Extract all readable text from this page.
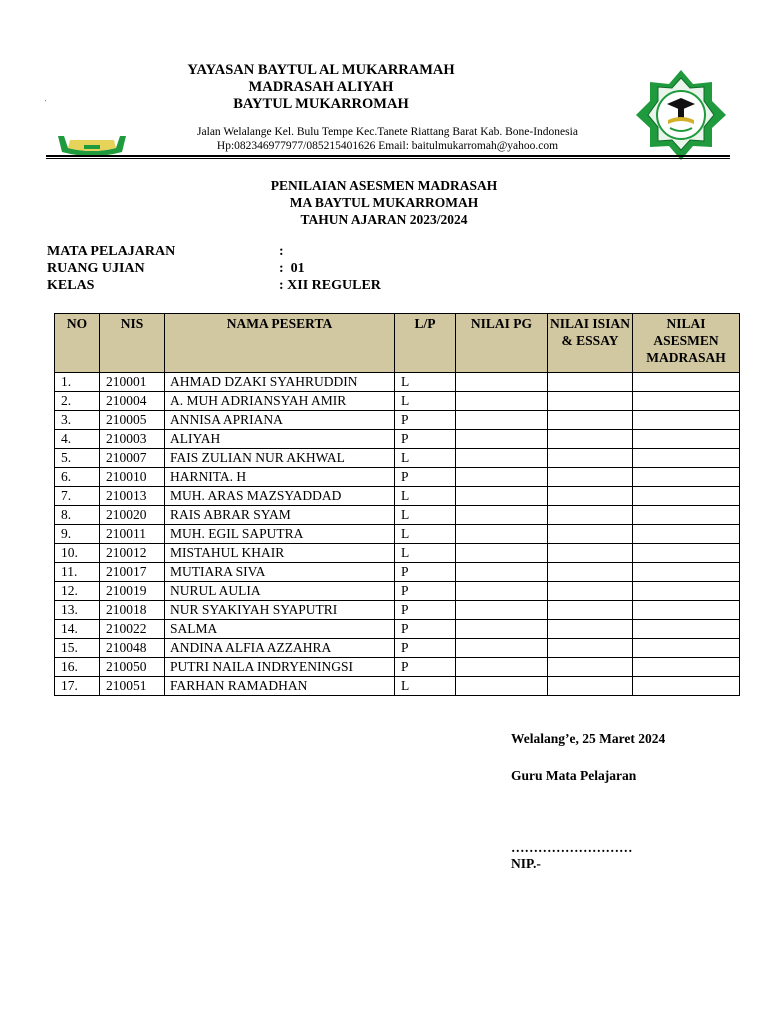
'
YAYASAN BAYTUL AL MUKARRAMAH
MADRASAH ALIYAH
BAYTUL MUKARROMAH
Jalan Welalange Kel. Bulu Tempe Kec.Tanete Riattang Barat Kab. Bone-Indonesia
Hp:082346977977/085215401626 Email: baitulmukarromah@yahoo.com
PENILAIAN ASESMEN MADRASAH
MA BAYTUL MUKARROMAH
TAHUN AJARAN 2023/2024
MATA PELAJARAN	:
RUANG UJIAN	:  01
KELAS	: XII REGULER
NO	NIS	NAMA PESERTA	L/P	NILAI PG	NILAI ISIAN & ESSAY	NILAI ASESMEN MADRASAH
1.	210001	AHMAD DZAKI SYAHRUDDIN	L			
2.	210004	A. MUH ADRIANSYAH AMIR	L			
3.	210005	ANNISA APRIANA	P			
4.	210003	ALIYAH	P			
5.	210007	FAIS ZULIAN NUR AKHWAL	L			
6.	210010	HARNITA. H	P			
7.	210013	MUH. ARAS MAZSYADDAD	L			
8.	210020	RAIS ABRAR SYAM	L			
9.	210011	MUH. EGIL SAPUTRA	L			
10.	210012	MISTAHUL KHAIR	L			
11.	210017	MUTIARA SIVA	P			
12.	210019	NURUL AULIA	P			
13.	210018	NUR SYAKIYAH SYAPUTRI	P			
14.	210022	SALMA	P			
15.	210048	ANDINA ALFIA AZZAHRA	P			
16.	210050	PUTRI NAILA INDRYENINGSI	P			
17.	210051	FARHAN RAMADHAN	L			
Welalang’e, 25 Maret 2024
Guru Mata Pelajaran
………………………
NIP.-
